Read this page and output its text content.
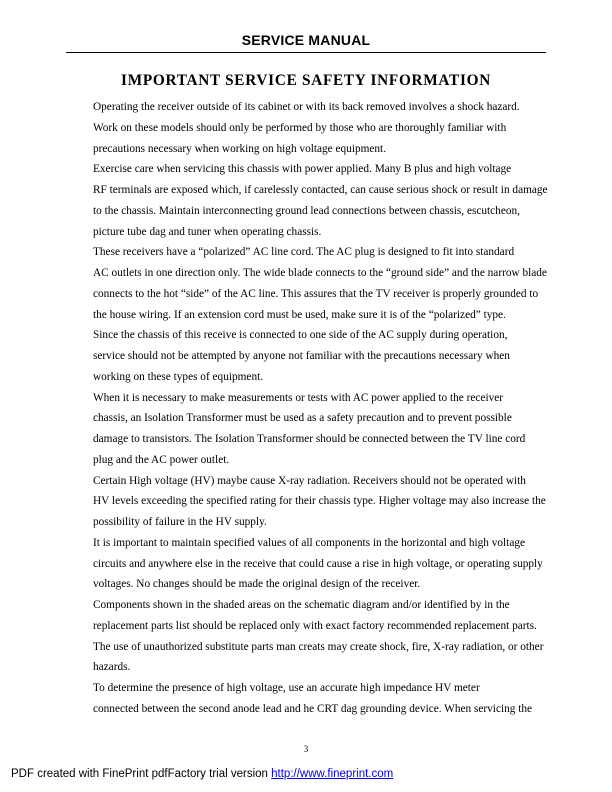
SERVICE MANUAL
IMPORTANT SERVICE SAFETY INFORMATION

Operating the receiver outside of its cabinet or with its back removed involves a shock hazard.
Work on these models should only be performed by those who are thoroughly familiar with
precautions necessary when working on high voltage equipment.

Exercise care when servicing this chassis with power applied. Many B plus and high voltage
RF terminals are exposed which, if carelessly contacted, can cause serious shock or result in damage
to the chassis. Maintain interconnecting ground lead connections between chassis, escutcheon,
picture tube dag and tuner when operating chassis.

These receivers have a “polarized” AC line cord. The AC plug is designed to fit into standard
AC outlets in one direction only. The wide blade connects to the “ground side” and the narrow blade
connects to the hot “side” of the AC line. This assures that the TV receiver is properly grounded to
the house wiring. If an extension cord must be used, make sure it is of the “polarized” type.

Since the chassis of this receive is connected to one side of the AC supply during operation,
service should not be attempted by anyone not familiar with the precautions necessary when
working on these types of equipment.

When it is necessary to make measurements or tests with AC power applied to the receiver
chassis, an Isolation Transformer must be used as a safety precaution and to prevent possible
damage to transistors. The Isolation Transformer should be connected between the TV line cord
plug and the AC power outlet.

Certain High voltage (HV) maybe cause X-ray radiation. Receivers should not be operated with
HV levels exceeding the specified rating for their chassis type. Higher voltage may also increase the
possibility of failure in the HV supply.

It is important to maintain specified values of all components in the horizontal and high voltage
circuits and anywhere else in the receive that could cause a rise in high voltage, or operating supply
voltages. No changes should be made the original design of the receiver.

Components shown in the shaded areas on the schematic diagram and/or identified by in the
replacement parts list should be replaced only with exact factory recommended replacement parts.
The use of unauthorized substitute parts man creats may create shock, fire, X-ray radiation, or other
hazards.

To determine the presence of high voltage, use an accurate high impedance HV meter
connected between the second anode lead and he CRT dag grounding device. When servicing the

3
PDF created with FinePrint pdfFactory trial version http://www.fineprint.com
